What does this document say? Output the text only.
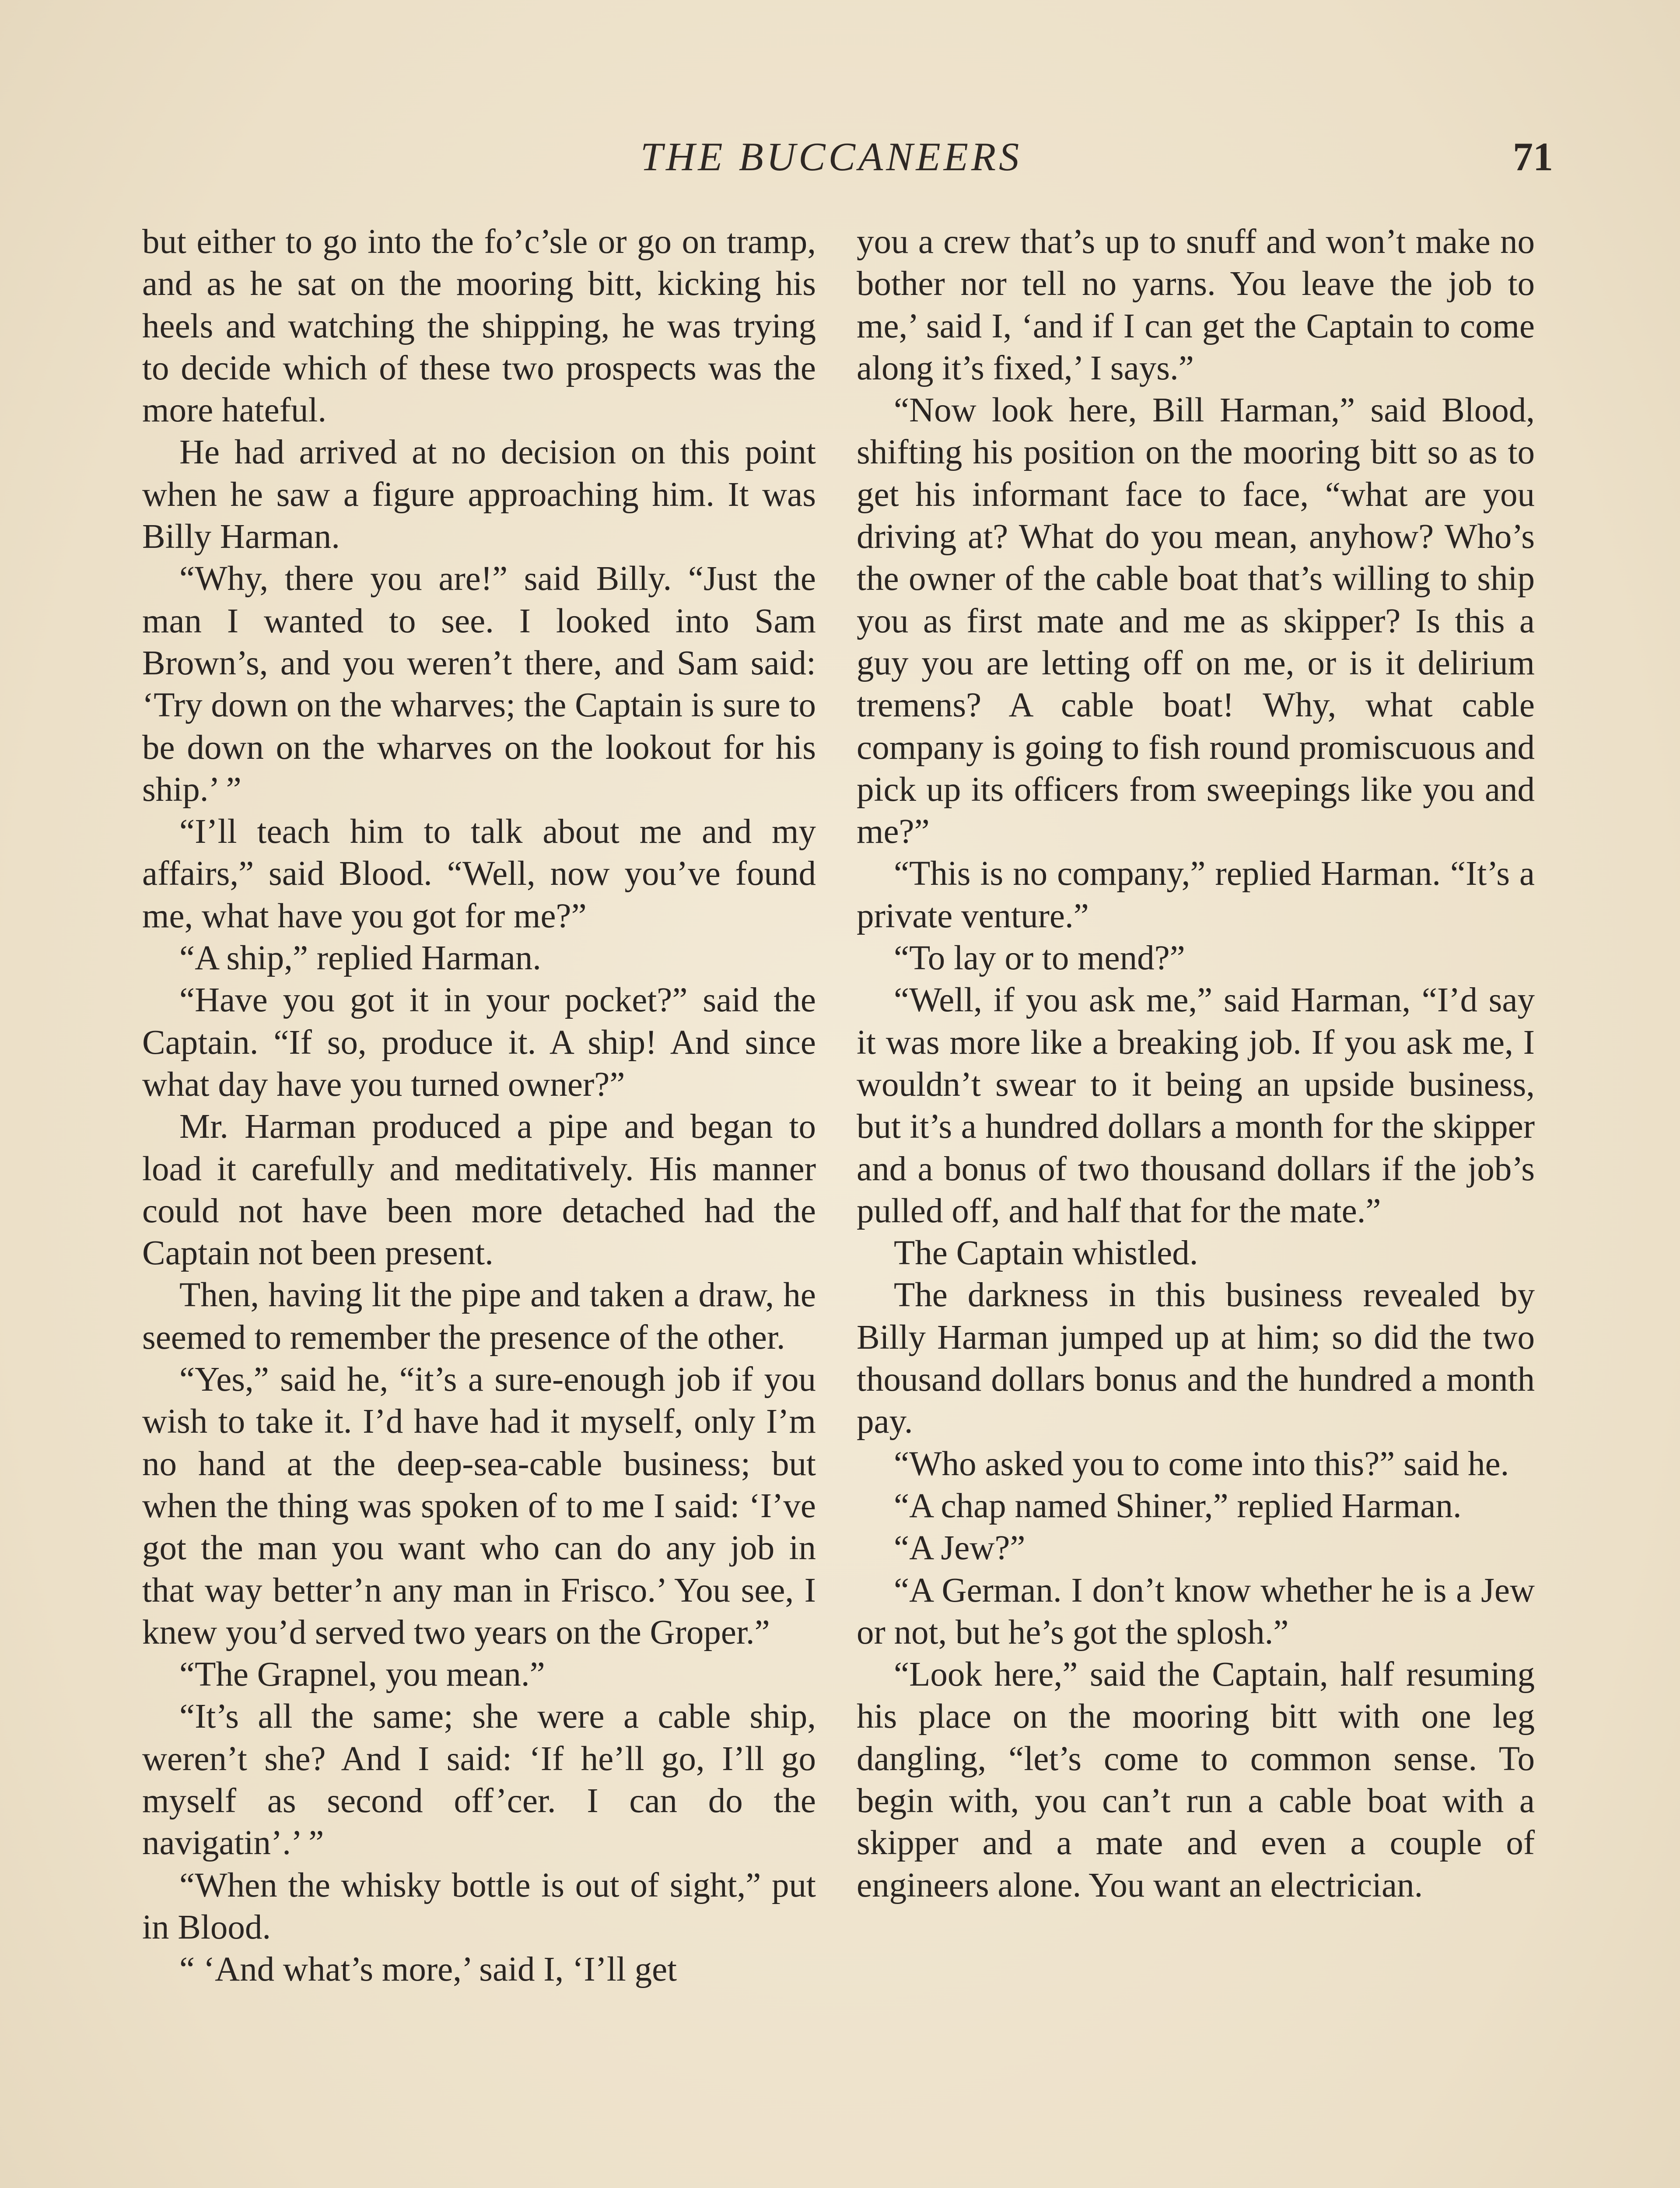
THE BUCCANEERS	71

but either to go into the fo’c’sle or go on tramp, and as he sat on the mooring bitt, kicking his heels and watching the shipping, he was trying to decide which of these two prospects was the more hateful.

He had arrived at no decision on this point when he saw a figure approaching him. It was Billy Harman.

“Why, there you are!” said Billy. “Just the man I wanted to see. I looked into Sam Brown’s, and you weren’t there, and Sam said: ‘Try down on the wharves; the Captain is sure to be down on the wharves on the lookout for his ship.’ ”

“I’ll teach him to talk about me and my affairs,” said Blood. “Well, now you’ve found me, what have you got for me?”

“A ship,” replied Harman.

“Have you got it in your pocket?” said the Captain. “If so, produce it. A ship! And since what day have you turned owner?”

Mr. Harman produced a pipe and began to load it carefully and meditatively. His manner could not have been more detached had the Captain not been present.

Then, having lit the pipe and taken a draw, he seemed to remember the presence of the other.

“Yes,” said he, “it’s a sure-enough job if you wish to take it. I’d have had it myself, only I’m no hand at the deep-sea-cable business; but when the thing was spoken of to me I said: ‘I’ve got the man you want who can do any job in that way better’n any man in Frisco.’ You see, I knew you’d served two years on the Groper.”

“The Grapnel, you mean.”

“It’s all the same; she were a cable ship, weren’t she? And I said: ‘If he’ll go, I’ll go myself as second off’cer. I can do the navigatin’.’ ”

“When the whisky bottle is out of sight,” put in Blood.

“ ‘And what’s more,’ said I, ‘I’ll get

you a crew that’s up to snuff and won’t make no bother nor tell no yarns. You leave the job to me,’ said I, ‘and if I can get the Captain to come along it’s fixed,’ I says.”

“Now look here, Bill Harman,” said Blood, shifting his position on the mooring bitt so as to get his informant face to face, “what are you driving at? What do you mean, anyhow? Who’s the owner of the cable boat that’s willing to ship you as first mate and me as skipper? Is this a guy you are letting off on me, or is it delirium tremens? A cable boat! Why, what cable company is going to fish round promiscuous and pick up its officers from sweepings like you and me?”

“This is no company,” replied Harman. “It’s a private venture.”

“To lay or to mend?”

“Well, if you ask me,” said Harman, “I’d say it was more like a breaking job. If you ask me, I wouldn’t swear to it being an upside business, but it’s a hundred dollars a month for the skipper and a bonus of two thousand dollars if the job’s pulled off, and half that for the mate.”

The Captain whistled.

The darkness in this business revealed by Billy Harman jumped up at him; so did the two thousand dollars bonus and the hundred a month pay.

“Who asked you to come into this?” said he.

“A chap named Shiner,” replied Harman.

“A Jew?”

“A German. I don’t know whether he is a Jew or not, but he’s got the splosh.”

“Look here,” said the Captain, half resuming his place on the mooring bitt with one leg dangling, “let’s come to common sense. To begin with, you can’t run a cable boat with a skipper and a mate and even a couple of engineers alone. You want an electrician.
